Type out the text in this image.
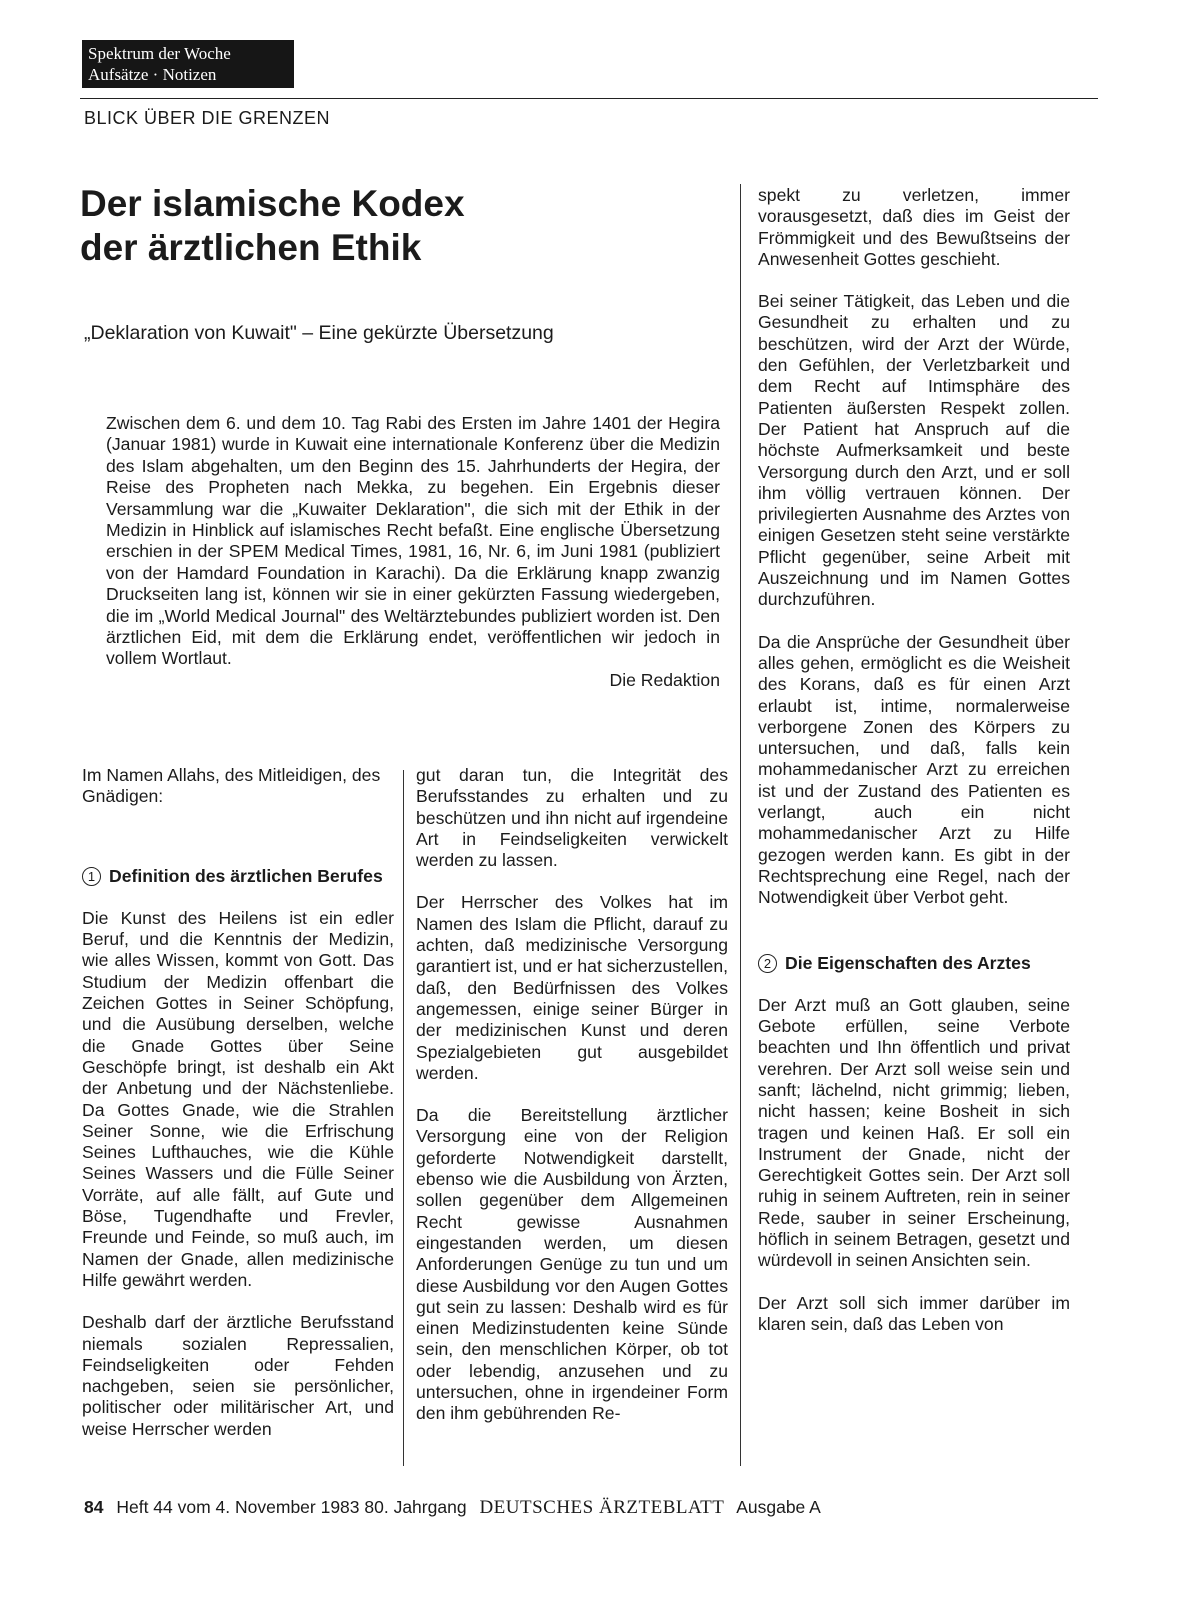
Spektrum der Woche
Aufsätze · Notizen
BLICK ÜBER DIE GRENZEN
Der islamische Kodex
der ärztlichen Ethik
„Deklaration von Kuwait" – Eine gekürzte Übersetzung
Zwischen dem 6. und dem 10. Tag Rabi des Ersten im Jahre 1401 der Hegira (Januar 1981) wurde in Kuwait eine internationale Konferenz über die Medizin des Islam abgehalten, um den Beginn des 15. Jahrhunderts der Hegira, der Reise des Propheten nach Mekka, zu begehen. Ein Ergebnis dieser Versammlung war die „Kuwaiter Deklaration", die sich mit der Ethik in der Medizin in Hinblick auf islamisches Recht befaßt. Eine englische Übersetzung erschien in der SPEM Medical Times, 1981, 16, Nr. 6, im Juni 1981 (publiziert von der Hamdard Foundation in Karachi). Da die Erklärung knapp zwanzig Druckseiten lang ist, können wir sie in einer gekürzten Fassung wiedergeben, die im „World Medical Journal" des Weltärztebundes publiziert worden ist. Den ärztlichen Eid, mit dem die Erklärung endet, veröffentlichen wir jedoch in vollem Wortlaut.
Die Redaktion

Im Namen Allahs, des Mitleidigen, des Gnädigen:

1 Definition des ärztlichen Berufes

Die Kunst des Heilens ist ein edler Beruf, und die Kenntnis der Medizin, wie alles Wissen, kommt von Gott. Das Studium der Medizin offenbart die Zeichen Gottes in Seiner Schöpfung, und die Ausübung derselben, welche die Gnade Gottes über Seine Geschöpfe bringt, ist deshalb ein Akt der Anbetung und der Nächstenliebe. Da Gottes Gnade, wie die Strahlen Seiner Sonne, wie die Erfrischung Seines Lufthauches, wie die Kühle Seines Wassers und die Fülle Seiner Vorräte, auf alle fällt, auf Gute und Böse, Tugendhafte und Frevler, Freunde und Feinde, so muß auch, im Namen der Gnade, allen medizinische Hilfe gewährt werden.

Deshalb darf der ärztliche Berufsstand niemals sozialen Repressalien, Feindseligkeiten oder Fehden nachgeben, seien sie persönlicher, politischer oder militärischer Art, und weise Herrscher werden

gut daran tun, die Integrität des Berufsstandes zu erhalten und zu beschützen und ihn nicht auf irgendeine Art in Feindseligkeiten verwickelt werden zu lassen.

Der Herrscher des Volkes hat im Namen des Islam die Pflicht, darauf zu achten, daß medizinische Versorgung garantiert ist, und er hat sicherzustellen, daß, den Bedürfnissen des Volkes angemessen, einige seiner Bürger in der medizinischen Kunst und deren Spezialgebieten gut ausgebildet werden.

Da die Bereitstellung ärztlicher Versorgung eine von der Religion geforderte Notwendigkeit darstellt, ebenso wie die Ausbildung von Ärzten, sollen gegenüber dem Allgemeinen Recht gewisse Ausnahmen eingestanden werden, um diesen Anforderungen Genüge zu tun und um diese Ausbildung vor den Augen Gottes gut sein zu lassen: Deshalb wird es für einen Medizinstudenten keine Sünde sein, den menschlichen Körper, ob tot oder lebendig, anzusehen und zu untersuchen, ohne in irgendeiner Form den ihm gebührenden Re-

spekt zu verletzen, immer vorausgesetzt, daß dies im Geist der Frömmigkeit und des Bewußtseins der Anwesenheit Gottes geschieht.

Bei seiner Tätigkeit, das Leben und die Gesundheit zu erhalten und zu beschützen, wird der Arzt der Würde, den Gefühlen, der Verletzbarkeit und dem Recht auf Intimsphäre des Patienten äußersten Respekt zollen. Der Patient hat Anspruch auf die höchste Aufmerksamkeit und beste Versorgung durch den Arzt, und er soll ihm völlig vertrauen können. Der privilegierten Ausnahme des Arztes von einigen Gesetzen steht seine verstärkte Pflicht gegenüber, seine Arbeit mit Auszeichnung und im Namen Gottes durchzuführen.

Da die Ansprüche der Gesundheit über alles gehen, ermöglicht es die Weisheit des Korans, daß es für einen Arzt erlaubt ist, intime, normalerweise verborgene Zonen des Körpers zu untersuchen, und daß, falls kein mohammedanischer Arzt zu erreichen ist und der Zustand des Patienten es verlangt, auch ein nicht mohammedanischer Arzt zu Hilfe gezogen werden kann. Es gibt in der Rechtsprechung eine Regel, nach der Notwendigkeit über Verbot geht.

2 Die Eigenschaften des Arztes

Der Arzt muß an Gott glauben, seine Gebote erfüllen, seine Verbote beachten und Ihn öffentlich und privat verehren. Der Arzt soll weise sein und sanft; lächelnd, nicht grimmig; lieben, nicht hassen; keine Bosheit in sich tragen und keinen Haß. Er soll ein Instrument der Gnade, nicht der Gerechtigkeit Gottes sein. Der Arzt soll ruhig in seinem Auftreten, rein in seiner Rede, sauber in seiner Erscheinung, höflich in seinem Betragen, gesetzt und würdevoll in seinen Ansichten sein.

Der Arzt soll sich immer darüber im klaren sein, daß das Leben von

84 Heft 44 vom 4. November 1983 80. Jahrgang DEUTSCHES ÄRZTEBLATT Ausgabe A
